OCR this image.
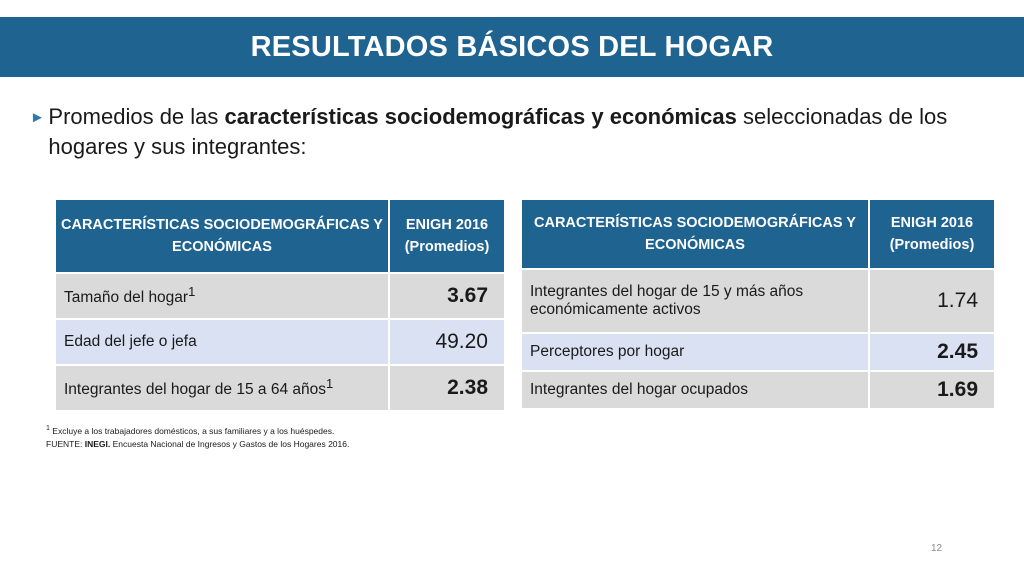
RESULTADOS BÁSICOS DEL HOGAR
► Promedios de las características sociodemográficas y económicas seleccionadas de los hogares y sus integrantes:

CARACTERÍSTICAS SOCIODEMOGRÁFICAS Y ECONÓMICAS	ENIGH 2016 (Promedios)
Tamaño del hogar$^1$	3.67
Edad del jefe o jefa	49.20
Integrantes del hogar de 15 a 64 años$^1$	2.38
CARACTERÍSTICAS SOCIODEMOGRÁFICAS Y ECONÓMICAS	ENIGH 2016 (Promedios)
Integrantes del hogar de 15 y más años económicamente activos	1.74
Perceptores por hogar	2.45
Integrantes del hogar ocupados	1.69
$^1$ Excluye a los trabajadores domésticos, a sus familiares y a los huéspedes.
FUENTE: INEGI. Encuesta Nacional de Ingresos y Gastos de los Hogares 2016.
12
